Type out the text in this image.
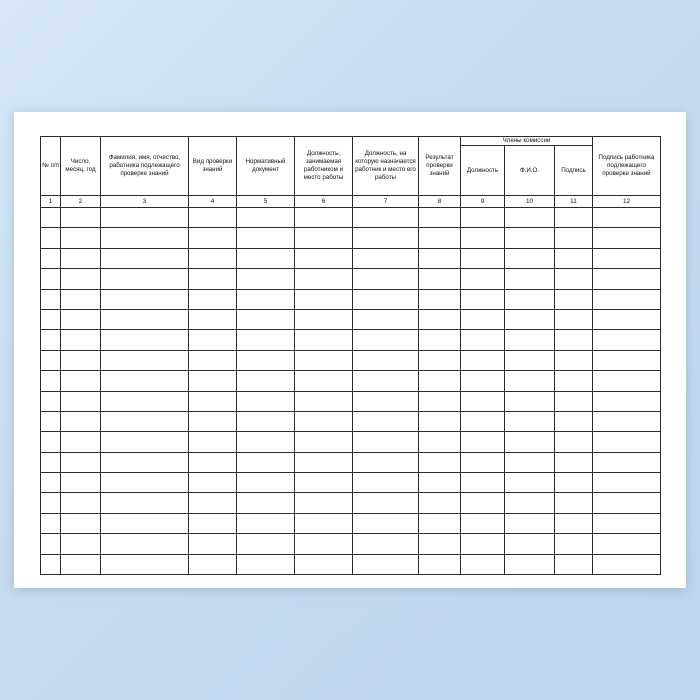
№ п/п	Число, месяц, год	Фамилия, имя, отчество, работника подлежащего проверке знаний	Вид проверки знаний	Нормативный документ	Должность, занимаемая работником и место работы	Должность, на которую назначается работник и место его работы	Результат проверки знаний	Члены комиссии			Подпись работника подлежащего проверке знаний
								Должность	Ф.И.О.	Подпись	
1	2	3	4	5	6	7	8	9	10	11	12
